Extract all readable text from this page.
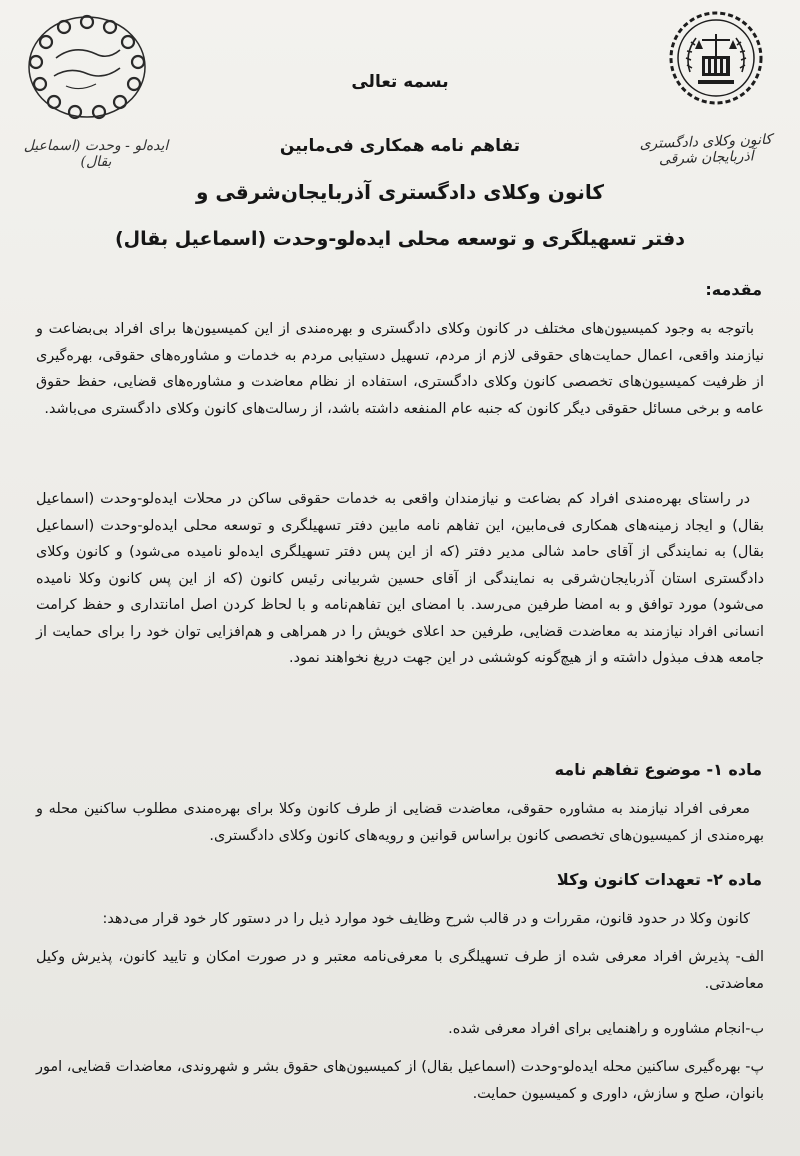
کانون وکلای دادگستری آذربایجان شرقی
ایده‌لو - وحدت (اسماعیل بقال)
بسمه تعالی
تفاهم نامه همکاری فی‌مابین
کانون وکلای دادگستری آذربایجان‌شرقی و
دفتر تسهیلگری و توسعه محلی ایده‌لو-وحدت (اسماعیل بقال)
مقدمه:
باتوجه به وجود کمیسیون‌های مختلف در کانون وکلای دادگستری و بهره‌مندی از این کمیسیون‌ها برای افراد بی‌بضاعت و نیازمند واقعی، اعمال حمایت‌های حقوقی لازم از مردم، تسهیل دستیابی مردم به خدمات و مشاوره‌های حقوقی، بهره‌گیری از ظرفیت کمیسیون‌های تخصصی کانون وکلای دادگستری، استفاده از نظام معاضدت و مشاوره‌های قضایی، حفظ حقوق عامه و برخی مسائل حقوقی دیگر کانون که جنبه عام المنفعه داشته باشد، از رسالت‌های کانون وکلای دادگستری می‌باشد.
در راستای بهره‌مندی افراد کم بضاعت و نیازمندان واقعی به خدمات حقوقی ساکن در محلات ایده‌لو-وحدت (اسماعیل بقال) و ایجاد زمینه‌های همکاری فی‌مابین، این تفاهم نامه مابین دفتر تسهیلگری و توسعه محلی ایده‌لو-وحدت (اسماعیل بقال) به نمایندگی از آقای حامد شالی مدیر دفتر (که از این پس دفتر تسهیلگری ایده‌لو نامیده می‌شود) و کانون وکلای دادگستری استان آذربایجان‌شرقی به نمایندگی از آقای حسین شربیانی رئیس کانون (که از این پس کانون وکلا نامیده می‌شود) مورد توافق و به امضا طرفین می‌رسد. با امضای این تفاهم‌نامه و با لحاظ کردن اصل امانتداری و حفظ کرامت انسانی افراد نیازمند به معاضدت قضایی، طرفین حد اعلای خویش را در همراهی و هم‌افزایی توان خود را برای حمایت از جامعه هدف مبذول داشته و از هیچ‌گونه کوششی در این جهت دریغ نخواهند نمود.
ماده ۱- موضوع تفاهم نامه
معرفی افراد نیازمند به مشاوره حقوقی، معاضدت قضایی از طرف کانون وکلا برای بهره‌مندی مطلوب ساکنین محله و بهره‌مندی از کمیسیون‌های تخصصی کانون براساس قوانین و رویه‌های کانون وکلای دادگستری.
ماده ۲- تعهدات کانون وکلا
کانون وکلا در حدود قانون، مقررات و در قالب شرح وظایف خود موارد ذیل را در دستور کار خود قرار می‌دهد:
الف- پذیرش افراد معرفی شده از طرف تسهیلگری با معرفی‌نامه معتبر و در صورت امکان و تایید کانون، پذیرش وکیل معاضدتی.
ب-انجام مشاوره و راهنمایی برای افراد معرفی شده.
پ- بهره‌گیری ساکنین محله ایده‌لو-وحدت (اسماعیل بقال) از کمیسیون‌های حقوق بشر و شهروندی، معاضدات قضایی، امور بانوان، صلح و سازش، داوری و کمیسیون حمایت.
